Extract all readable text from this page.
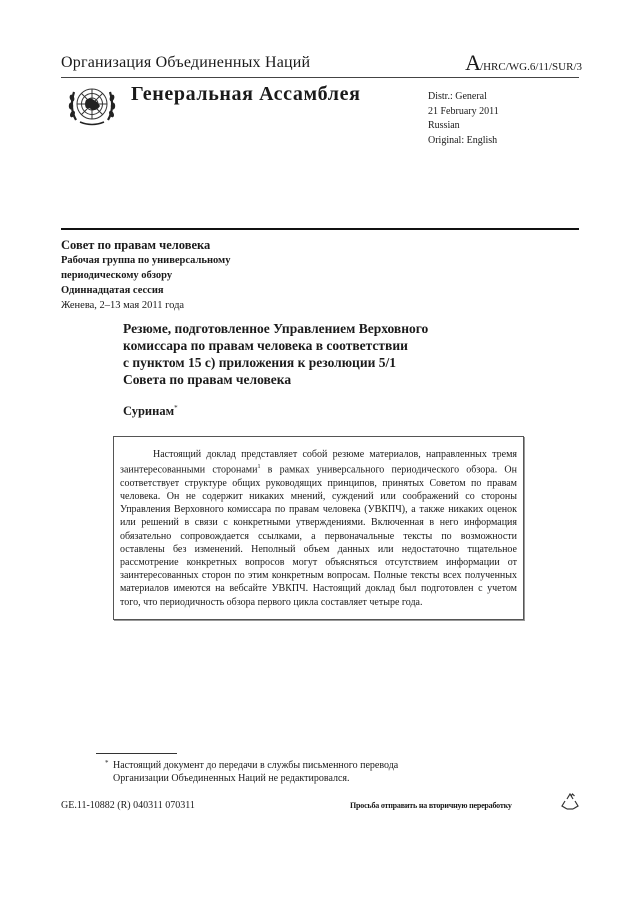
Организация Объединенных Наций	A/HRC/WG.6/11/SUR/3
Генеральная Ассамблея	Distr.: General
21 February 2011
Russian
Original: English
Совет по правам человека
Рабочая группа по универсальному
периодическому обзору
Одиннадцатая сессия
Женева, 2–13 мая 2011 года
Резюме, подготовленное Управлением Верховного
комиссара по правам человека в соответствии
с пунктом 15 с) приложения к резолюции 5/1
Совета по правам человека
Суринам*
Настоящий доклад представляет собой резюме материалов, направленных тремя заинтересованными сторонами$^1$ в рамках универсального периодического обзора. Он соответствует структуре общих руководящих принципов, принятых Советом по правам человека. Он не содержит никаких мнений, суждений или соображений со стороны Управления Верховного комиссара по правам человека (УВКПЧ), а также никаких оценок или решений в связи с конкретными утверждениями. Включенная в него информация обязательно сопровождается ссылками, а первоначальные тексты по возможности оставлены без изменений. Неполный объем данных или недостаточно тщательное рассмотрение конкретных вопросов могут объясняться отсутствием информации от заинтересованных сторон по этим конкретным вопросам. Полные тексты всех полученных материалов имеются на вебсайте УВКПЧ. Настоящий доклад был подготовлен с учетом того, что периодичность обзора первого цикла составляет четыре года.
* Настоящий документ до передачи в службы письменного перевода
Организации Объединенных Наций не редактировался.
GE.11-10882 (R) 040311 070311	Просьба отправить на вторичную переработку
